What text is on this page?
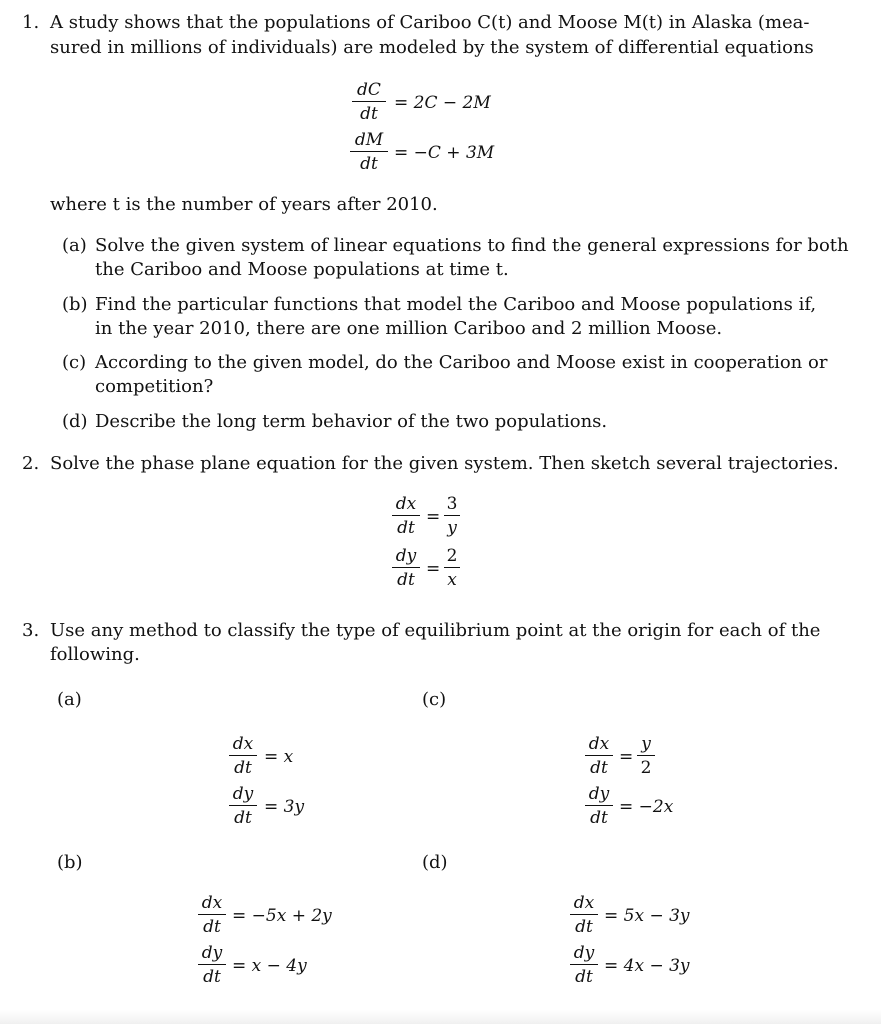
1. A study shows that the populations of Cariboo C(t) and Moose M(t) in Alaska (mea-
sured in millions of individuals) are modeled by the system of differential equations
dC
dt
= 2C − 2M
dM
dt
= −C + 3M
where t is the number of years after 2010.
(a) Solve the given system of linear equations to find the general expressions for both
the Cariboo and Moose populations at time t.
(b) Find the particular functions that model the Cariboo and Moose populations if,
in the year 2010, there are one million Cariboo and 2 million Moose.
(c) According to the given model, do the Cariboo and Moose exist in cooperation or
competition?
(d) Describe the long term behavior of the two populations.
2. Solve the phase plane equation for the given system. Then sketch several trajectories.
dx
dt
=
3
y
dy
dt
=
2
x
3. Use any method to classify the type of equilibrium point at the origin for each of the
following.
(a)
dx
dt
= x
dy
dt
= 3y
(c)
dx
dt
=
y
2
dy
dt
= −2x
(b)
dx
dt
= −5x + 2y
dy
dt
= x − 4y
(d)
dx
dt
= 5x − 3y
dy
dt
= 4x − 3y
